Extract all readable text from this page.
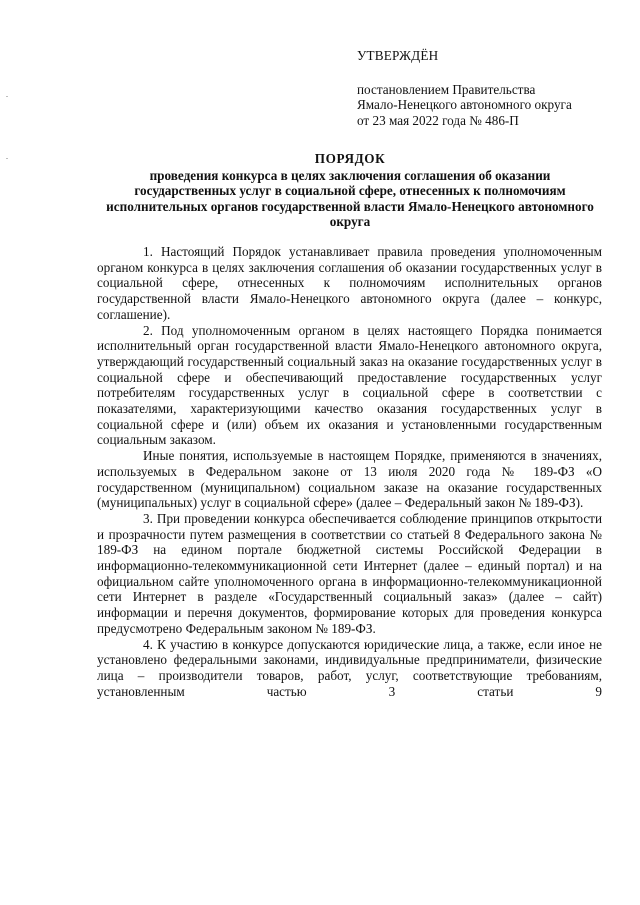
УТВЕРЖДЁН
постановлением Правительства
Ямало-Ненецкого автономного округа
от 23 мая 2022 года № 486-П
ПОРЯДОК
проведения конкурса в целях заключения соглашения об оказании государственных услуг в социальной сфере, отнесенных к полномочиям исполнительных органов государственной власти Ямало-Ненецкого автономного округа

1. Настоящий Порядок устанавливает правила проведения уполномоченным органом конкурса в целях заключения соглашения об оказании государственных услуг в социальной сфере, отнесенных к полномочиям исполнительных органов государственной власти Ямало-Ненецкого автономного округа (далее – конкурс, соглашение).

2. Под уполномоченным органом в целях настоящего Порядка понимается исполнительный орган государственной власти Ямало-Ненецкого автономного округа, утверждающий государственный социальный заказ на оказание государственных услуг в социальной сфере и обеспечивающий предоставление государственных услуг потребителям государственных услуг в социальной сфере в соответствии с показателями, характеризующими качество оказания государственных услуг в социальной сфере и (или) объем их оказания и установленными государственным социальным заказом.

Иные понятия, используемые в настоящем Порядке, применяются в значениях, используемых в Федеральном законе от 13 июля 2020 года № 189-ФЗ «О государственном (муниципальном) социальном заказе на оказание государственных (муниципальных) услуг в социальной сфере» (далее – Федеральный закон № 189-ФЗ).

3. При проведении конкурса обеспечивается соблюдение принципов открытости и прозрачности путем размещения в соответствии со статьей 8 Федерального закона № 189-ФЗ на едином портале бюджетной системы Российской Федерации в информационно-телекоммуникационной сети Интернет (далее – единый портал) и на официальном сайте уполномоченного органа в информационно-телекоммуникационной сети Интернет в разделе «Государственный социальный заказ» (далее – сайт) информации и перечня документов, формирование которых для проведения конкурса предусмотрено Федеральным законом № 189-ФЗ.

4. К участию в конкурсе допускаются юридические лица, а также, если иное не установлено федеральными законами, индивидуальные предприниматели, физические лица – производители товаров, работ, услуг, соответствующие требованиям, установленным частью 3 статьи 9
